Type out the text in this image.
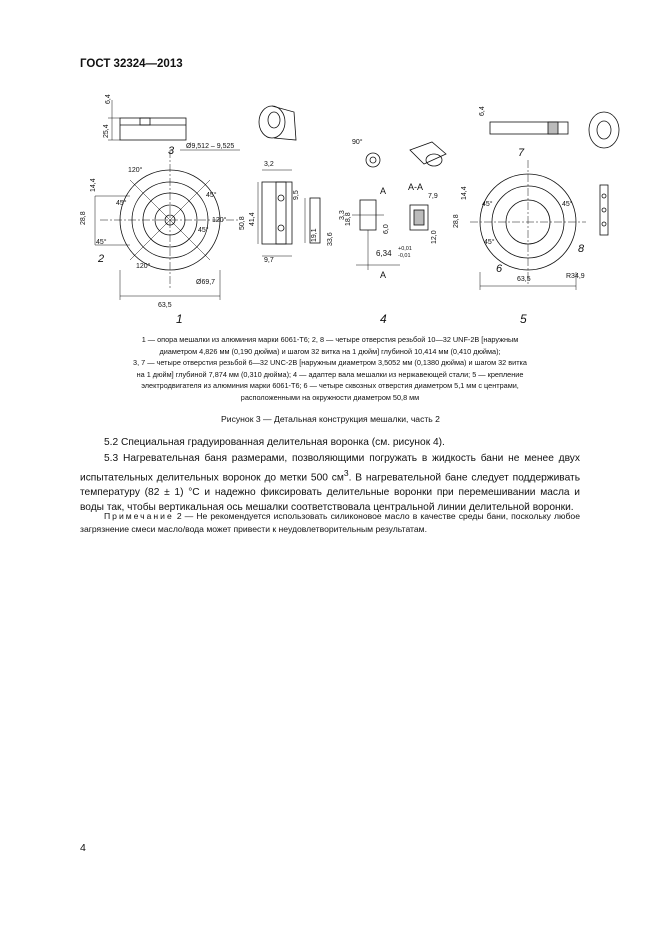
ГОСТ 32324—2013
6,4
25,4
14,4
28,8
45°
45°
45°
45°
120°
120°
120°
Ø9,512 – 9,525
63,5
Ø69,7
3,2
9,5
50,8 41,4
19,1
9,7
90°
A
A
A-A
7,9
18,8
3,3
33,6
6,0
12,0
6,34 +0,01
-0,01
6,4
14,4
28,8
45°
45°
45°
63,5	R34,9
3
2
7
6
8
1	4	5

1 — опора мешалки из алюминия марки 6061-Т6; 2, 8 — четыре отверстия резьбой 10—32 UNF-2B [наружным

диаметром 4,826 мм (0,190 дюйма) и шагом 32 витка на 1 дюйм] глубиной 10,414 мм (0,410 дюйма);

3, 7 — четыре отверстия резьбой 6—32 UNC-2B [наружным диаметром 3,5052 мм (0,1380 дюйма) и шагом 32 витка

на 1 дюйм] глубиной 7,874 мм (0,310 дюйма); 4 — адаптер вала мешалки из нержавеющей стали; 5 — крепление

электродвигателя из алюминия марки 6061-Т6; 6 — четыре сквозных отверстия диаметром 5,1 мм с центрами,

расположенными на окружности диаметром 50,8 мм

Рисунок 3 — Детальная конструкция мешалки, часть 2

5.2 Специальная градуированная делительная воронка (см. рисунок 4).

5.3 Нагревательная баня размерами, позволяющими погружать в жидкость бани не менее двух испытательных делительных воронок до метки 500 $см^3$. В нагревательной бане следует поддерживать температуру (82 ± 1) °С и надежно фиксировать делительные воронки при перемешивании масла и воды так, чтобы вертикальная ось мешалки соответствовала центральной линии делительной воронки.

Примечание 2 — Не рекомендуется использовать силиконовое масло в качестве среды бани, поскольку любое загрязнение смеси масло/вода может привести к неудовлетворительным результатам.

4
